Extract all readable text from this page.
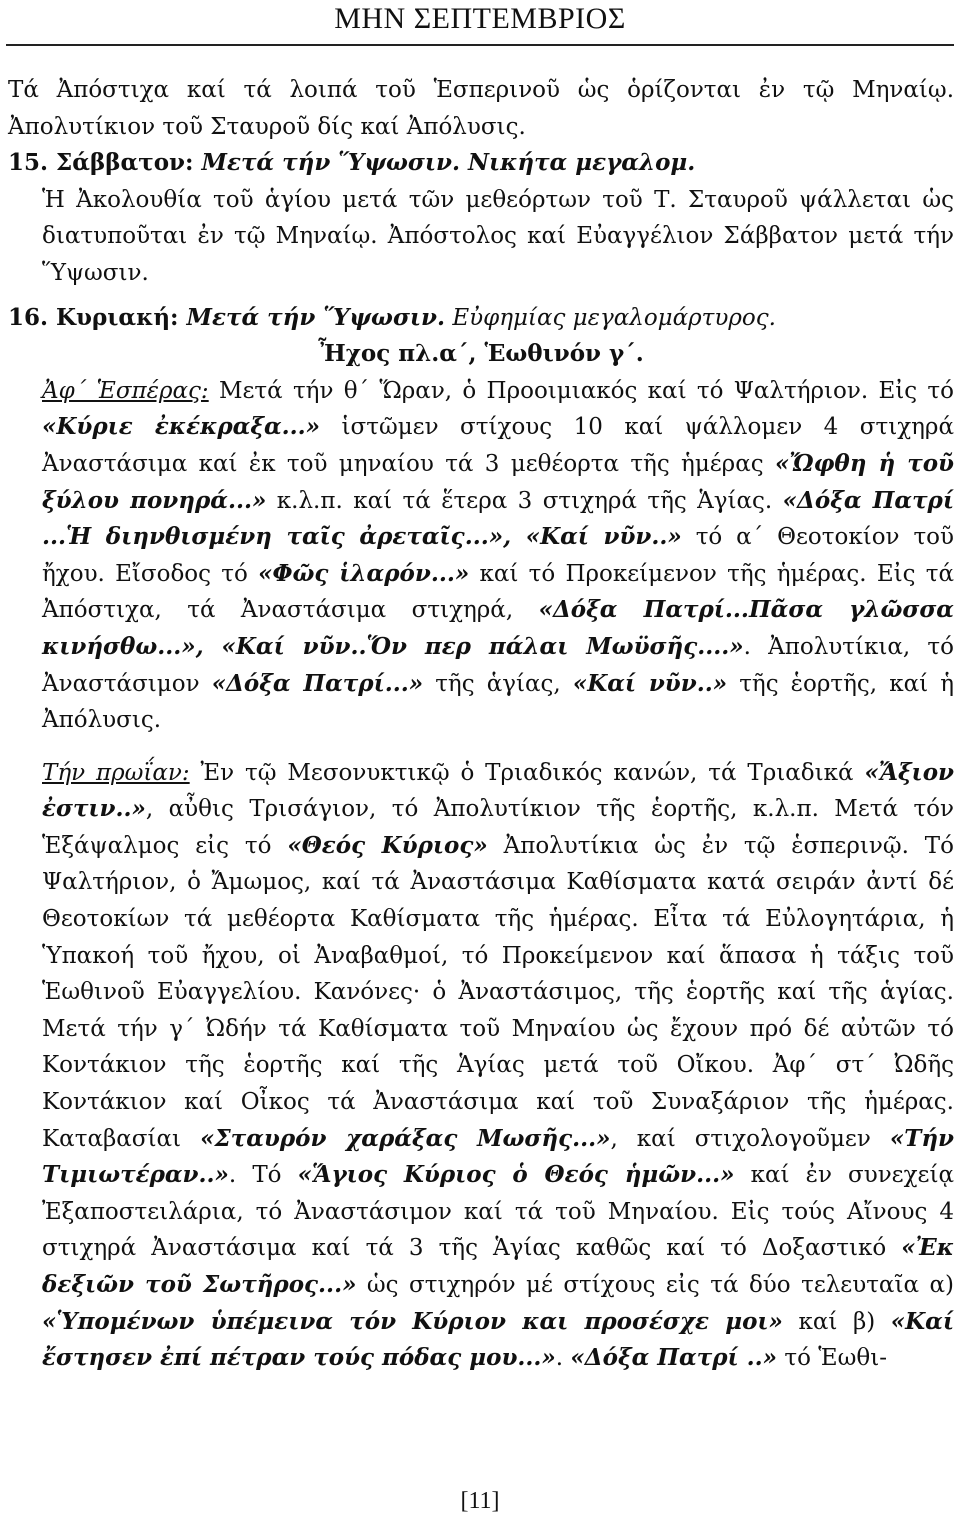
ΜΗΝ ΣΕΠΤΕΜΒΡΙΟΣ

Τά Ἀπόστιχα καί τά λοιπά τοῦ Ἑσπερινοῦ ὡς ὁρίζονται ἐν τῷ Μηναίῳ. Ἀπολυτίκιον τοῦ Σταυροῦ δίς καί Ἀπόλυσις.

15. Σάββατον: Μετά τήν Ὕψωσιν. Νικήτα μεγαλομ.

Ἡ Ἀκολουθία τοῦ ἁγίου μετά τῶν μεθεόρτων τοῦ Τ. Σταυροῦ ψάλλεται ὡς διατυποῦται ἐν τῷ Μηναίῳ. Ἀπόστολος καί Εὐαγγέλιον Σάββατον μετά τήν Ὕψωσιν.

16. Κυριακή: Μετά τήν Ὕψωσιν. Εὐφημίας μεγαλομάρτυρος.

Ἦχος πλ.α΄, Ἑωθινόν γ΄.

Ἀφ΄ Ἑσπέρας: Μετά τήν θ΄ Ὥραν, ὁ Προοιμιακός καί τό Ψαλτήριον. Εἰς τό «Κύριε ἐκέκραξα...» ἱστῶμεν στίχους 10 καί ψάλλομεν 4 στιχηρά Ἀναστάσιμα καί ἐκ τοῦ μηναίου τά 3 μεθέορτα τῆς ἡμέρας «Ὤφθη ἡ τοῦ ξύλου πονηρά...» κ.λ.π. καί τά ἕτερα 3 στιχηρά τῆς Ἁγίας. «Δόξα Πατρί ...Ἡ διηνθισμένη ταῖς ἀρεταῖς...», «Καί νῦν..» τό α΄ Θεοτοκίον τοῦ ἤχου. Εἴσοδος τό «Φῶς ἱλαρόν...» καί τό Προκείμενον τῆς ἡμέρας. Εἰς τά Ἀπόστιχα, τά Ἀναστάσιμα στιχηρά, «Δόξα Πατρί...Πᾶσα γλῶσσα κινήσθω...», «Καί νῦν..Ὅν περ πάλαι Μωϋσῆς....». Ἀπολυτίκια, τό Ἀναστάσιμον «Δόξα Πατρί...» τῆς ἁγίας, «Καί νῦν..» τῆς ἑορτῆς, καί ἡ Ἀπόλυσις.

Τήν πρωΐαν: Ἐν τῷ Μεσονυκτικῷ ὁ Τριαδικός κανών, τά Τριαδικά «Ἄξιον ἐστιν..», αὖθις Τρισάγιον, τό Ἀπολυτίκιον τῆς ἑορτῆς, κ.λ.π. Μετά τόν Ἑξάψαλμος εἰς τό «Θεός Κύριος» Ἀπολυτίκια ὡς ἐν τῷ ἑσπερινῷ. Τό Ψαλτήριον, ὁ Ἄμωμος, καί τά Ἀναστάσιμα Καθίσματα κατά σειράν ἀντί δέ Θεοτοκίων τά μεθέορτα Καθίσματα τῆς ἡμέρας. Εἶτα τά Εὐλογητάρια, ἡ Ὑπακοή τοῦ ἤχου, οἱ Ἀναβαθμοί, τό Προκείμενον καί ἅπασα ἡ τάξις τοῦ Ἑωθινοῦ Εὐαγγελίου. Κανόνες· ὁ Ἀναστάσιμος, τῆς ἑορτῆς καί τῆς ἁγίας. Μετά τήν γ΄ Ὠδήν τά Καθίσματα τοῦ Μηναίου ὡς ἔχουν πρό δέ αὐτῶν τό Κοντάκιον τῆς ἑορτῆς καί τῆς Ἁγίας μετά τοῦ Οἴκου. Ἀφ΄ στ΄ Ὠδῆς Κοντάκιον καί Οἶκος τά Ἀναστάσιμα καί τοῦ Συναξάριον τῆς ἡμέρας. Καταβασίαι «Σταυρόν χαράξας Μωσῆς...», καί στιχολογοῦμεν «Τήν Τιμιωτέραν..». Τό «Ἅγιος Κύριος ὁ Θεός ἡμῶν...» καί ἐν συνεχείᾳ Ἐξαποστειλάρια, τό Ἀναστάσιμον καί τά τοῦ Μηναίου. Εἰς τούς Αἴνους 4 στιχηρά Ἀναστάσιμα καί τά 3 τῆς Ἁγίας καθῶς καί τό Δοξαστικό «Ἐκ δεξιῶν τοῦ Σωτῆρος...» ὡς στιχηρόν μέ στίχους εἰς τά δύο τελευταῖα α) «Ὑπομένων ὑπέμεινα τόν Κύριον και προσέσχε μοι» καί β) «Καί ἔστησεν ἐπί πέτραν τούς πόδας μου...». «Δόξα Πατρί ..» τό Ἑωθι-

[11]
